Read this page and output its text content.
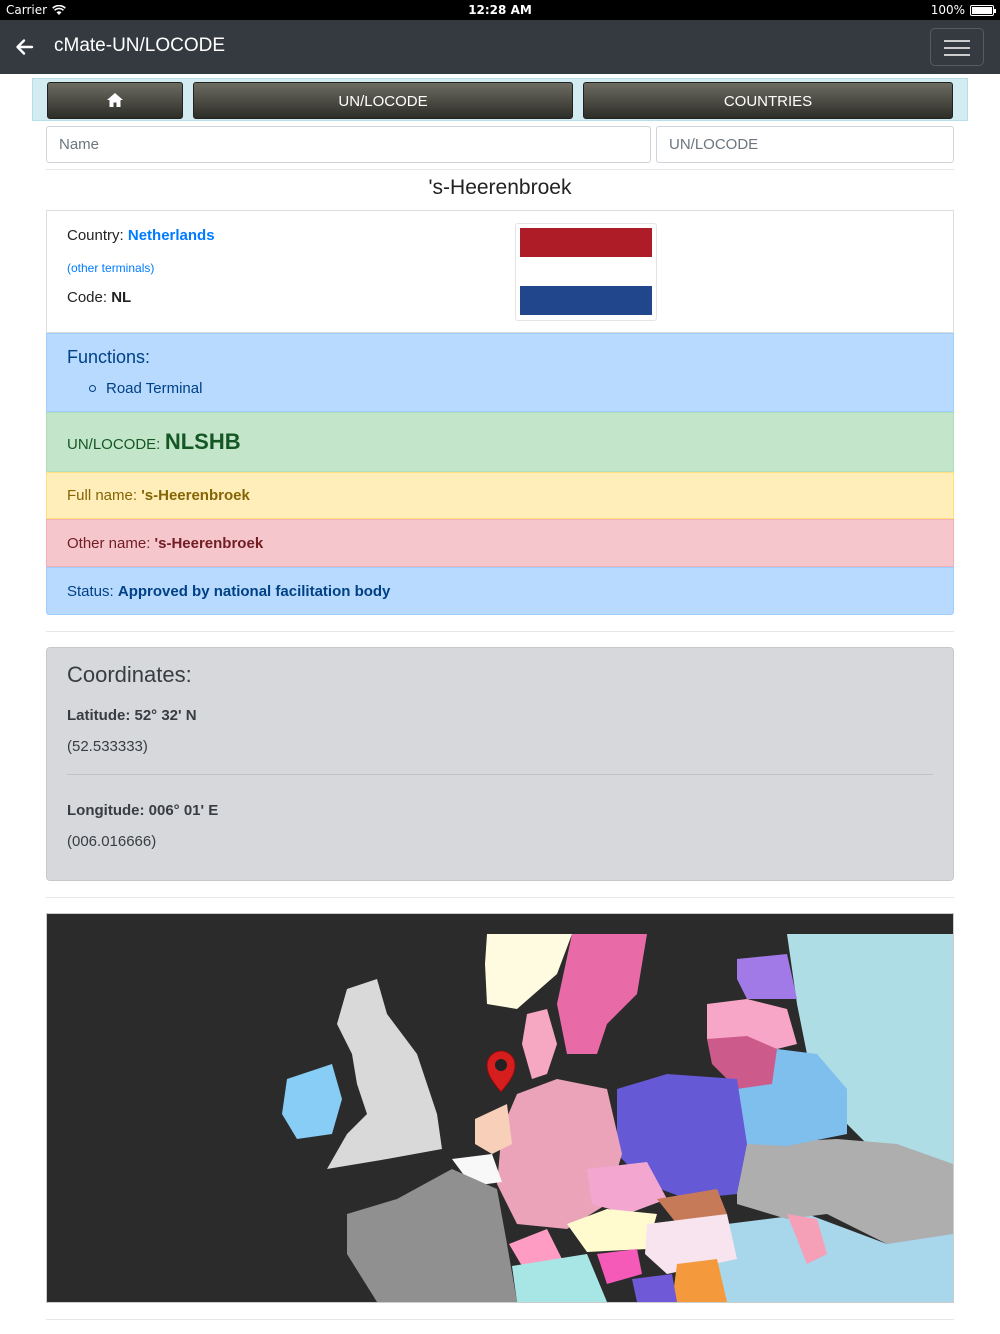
Carrier	12:28 AM	100%
cMate-UN/LOCODE
UN/LOCODE	COUNTRIES
Name	UN/LOCODE
's-Heerenbroek
Country: Netherlands
(other terminals)
Code: NL
Functions:
Road Terminal
UN/LOCODE: NLSHB
Full name: 's-Heerenbroek
Other name: 's-Heerenbroek
Status: Approved by national facilitation body
Coordinates:
Latitude: 52° 32' N
(52.533333)
Longitude: 006° 01' E
(006.016666)
